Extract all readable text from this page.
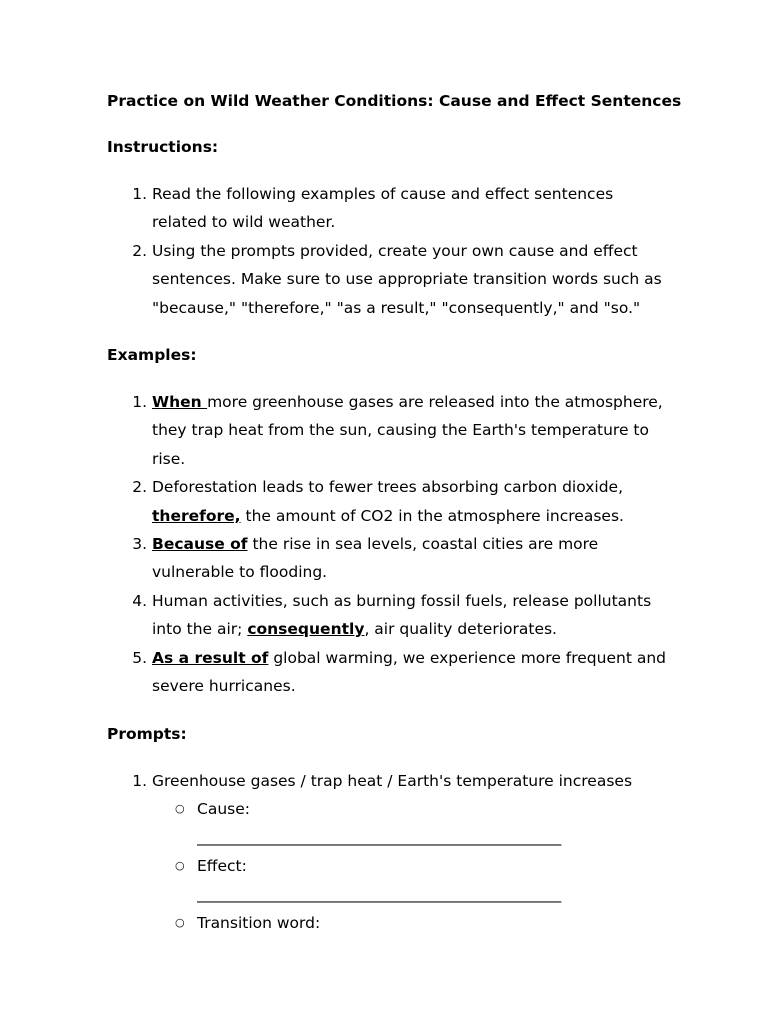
Practice on Wild Weather Conditions: Cause and Effect Sentences
Instructions:
1. Read the following examples of cause and effect sentences related to wild weather.
2. Using the prompts provided, create your own cause and effect sentences. Make sure to use appropriate transition words such as "because," "therefore," "as a result," "consequently," and "so."
Examples:
1. When more greenhouse gases are released into the atmosphere, they trap heat from the sun, causing the Earth's temperature to rise.
2. Deforestation leads to fewer trees absorbing carbon dioxide, therefore, the amount of CO2 in the atmosphere increases.
3. Because of the rise in sea levels, coastal cities are more vulnerable to flooding.
4. Human activities, such as burning fossil fuels, release pollutants into the air; consequently, air quality deteriorates.
5. As a result of global warming, we experience more frequent and severe hurricanes.
Prompts:
1. Greenhouse gases / trap heat / Earth's temperature increases
○ Cause:
_______________________________________________
○ Effect:
_______________________________________________
○ Transition word:
